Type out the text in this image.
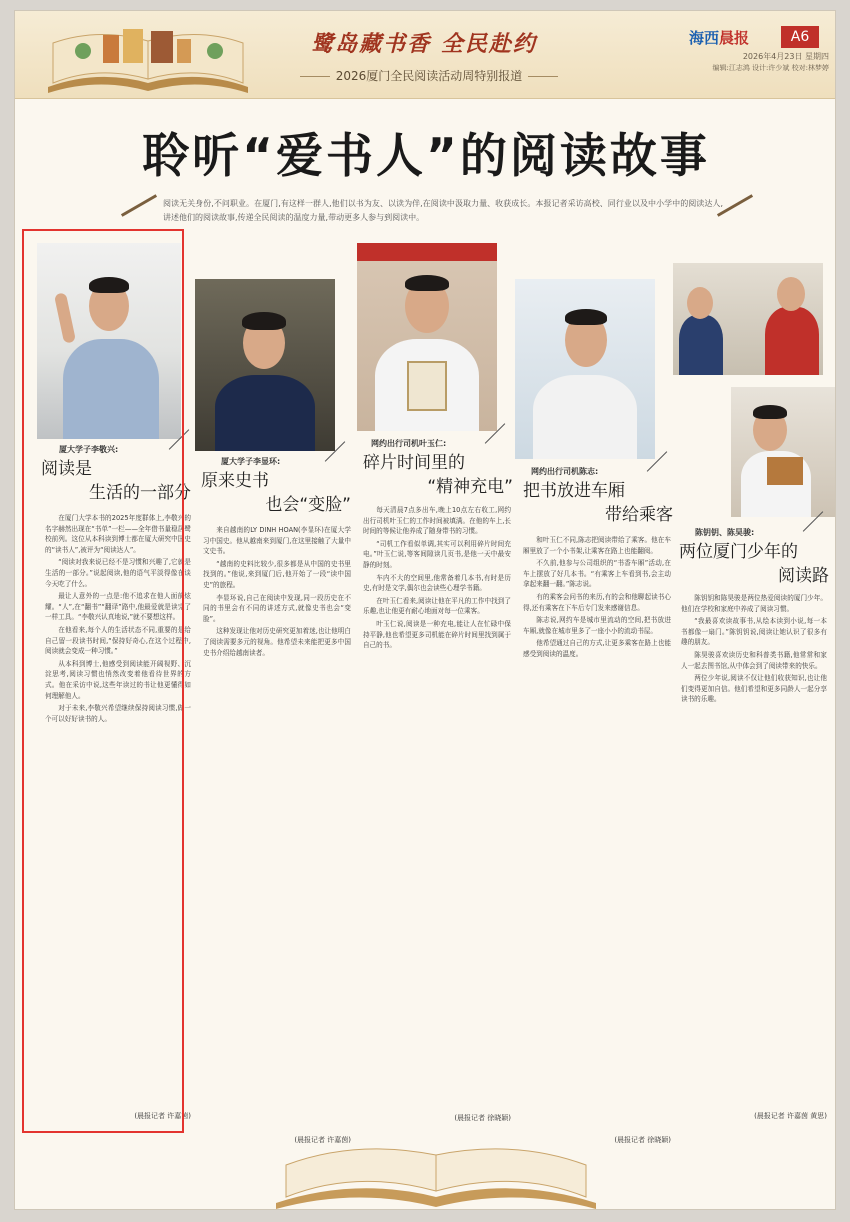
鹭岛藏书香 全民赴约
2026厦门全民阅读活动周特别报道
海西晨报	A6
2026年4月23日 星期四
编辑:江志鸿 设计:许少斌 校对:林梦婷
聆听“爱书人”的阅读故事
阅读无关身份,不问职业。在厦门,有这样一群人,他们以书为友、以读为伴,在阅读中汲取力量、收获成长。本报记者采访高校、同行业以及中小学中的阅读达人,讲述他们的阅读故事,传递全民阅读的温度力量,带动更多人参与到阅读中。
厦大学子李敬兴:
阅读是
生活的一部分

在厦门大学本书的2025年度群体上,李敬兴的名字赫然出现在“书单”一栏——全年借书量稳居鹭校前列。这位从本科读到博士都在厦大研究中国史的“读书人”,被评为“阅读达人”。

“阅读对我来说已经不是习惯和兴趣了,它就是生活的一部分。”说起阅读,他的语气平淡得像在谈今天吃了什么。

最让人意外的一点是:他不追求在他人面前炫耀。“人”,在“翻书”“翻译”路中,他最爱就是读完了一样工具。“李敬兴认真地说,”就不要想这样。

在他看来,每个人的生活状态不同,重要的是给自己留一段读书时间,“保持好奇心,在这个过程中,阅读就会变成一种习惯。”

从本科到博士,他感受到阅读能开阔视野、沉淀思考,阅读习惯也悄然改变着他看待世界的方式。他在采访中说,这些年读过的书让他更懂得如何理解他人。

对于未来,李敬兴希望继续保持阅读习惯,做一个可以好好读书的人。

(晨报记者 许嘉茵)
厦大学子李显环:
原来史书
也会“变脸”

来自越南的LY DINH HOAN(李显环)在厦大学习中国史。他从越南来到厦门,在这里接触了大量中文史书。

“越南的史料比较少,很多都是从中国的史书里找到的。”他说,来到厦门后,他开始了一段“读中国史”的旅程。

李显环说,自己在阅读中发现,同一段历史在不同的书里会有不同的讲述方式,就像史书也会“变脸”。

这种发现让他对历史研究更加着迷,也让他明白了阅读需要多元的视角。他希望未来能把更多中国史书介绍给越南读者。

(晨报记者 许嘉茵)
网约出行司机叶玉仁:
碎片时间里的
“精神充电”

每天清晨7点多出车,晚上10点左右收工,网约出行司机叶玉仁的工作时间被填满。在他的车上,长时间的等候让他养成了随身带书的习惯。

“司机工作看似单调,其实可以利用碎片时间充电。”叶玉仁说,等客间隙读几页书,是他一天中最安静的时刻。

车内不大的空间里,他常备着几本书,有时是历史,有时是文学,偶尔也会读些心理学书籍。

在叶玉仁看来,阅读让他在平凡的工作中找到了乐趣,也让他更有耐心地面对每一位乘客。

叶玉仁说,阅读是一种充电,能让人在忙碌中保持平静,他也希望更多司机能在碎片时间里找到属于自己的书。

(晨报记者 徐晓颖)
网约出行司机陈志:
把书放进车厢
带给乘客

和叶玉仁不同,陈志把阅读带给了乘客。他在车厢里放了一个小书架,让乘客在路上也能翻阅。

不久前,他参与公司组织的“书香车厢”活动,在车上摆放了好几本书。“有乘客上车看到书,会主动拿起来翻一翻。”陈志说。

有的乘客会问书的来历,有的会和他聊起读书心得,还有乘客在下车后专门发来感谢信息。

陈志说,网约车是城市里流动的空间,把书放进车厢,就像在城市里多了一座小小的流动书屋。

他希望通过自己的方式,让更多乘客在路上也能感受到阅读的温度。

(晨报记者 徐晓颖)
陈钥钥、陈昊骏:
两位厦门少年的
阅读路

陈钥钥和陈昊骏是两位热爱阅读的厦门少年。他们在学校和家庭中养成了阅读习惯。

“我最喜欢读故事书,从绘本读到小说,每一本书都像一扇门。”陈钥钥说,阅读让她认识了很多有趣的朋友。

陈昊骏喜欢读历史和科普类书籍,他常常和家人一起去图书馆,从中体会到了阅读带来的快乐。

两位少年说,阅读不仅让他们收获知识,也让他们变得更加自信。他们希望和更多同龄人一起分享读书的乐趣。

(晨报记者 许嘉茵 黄思)
